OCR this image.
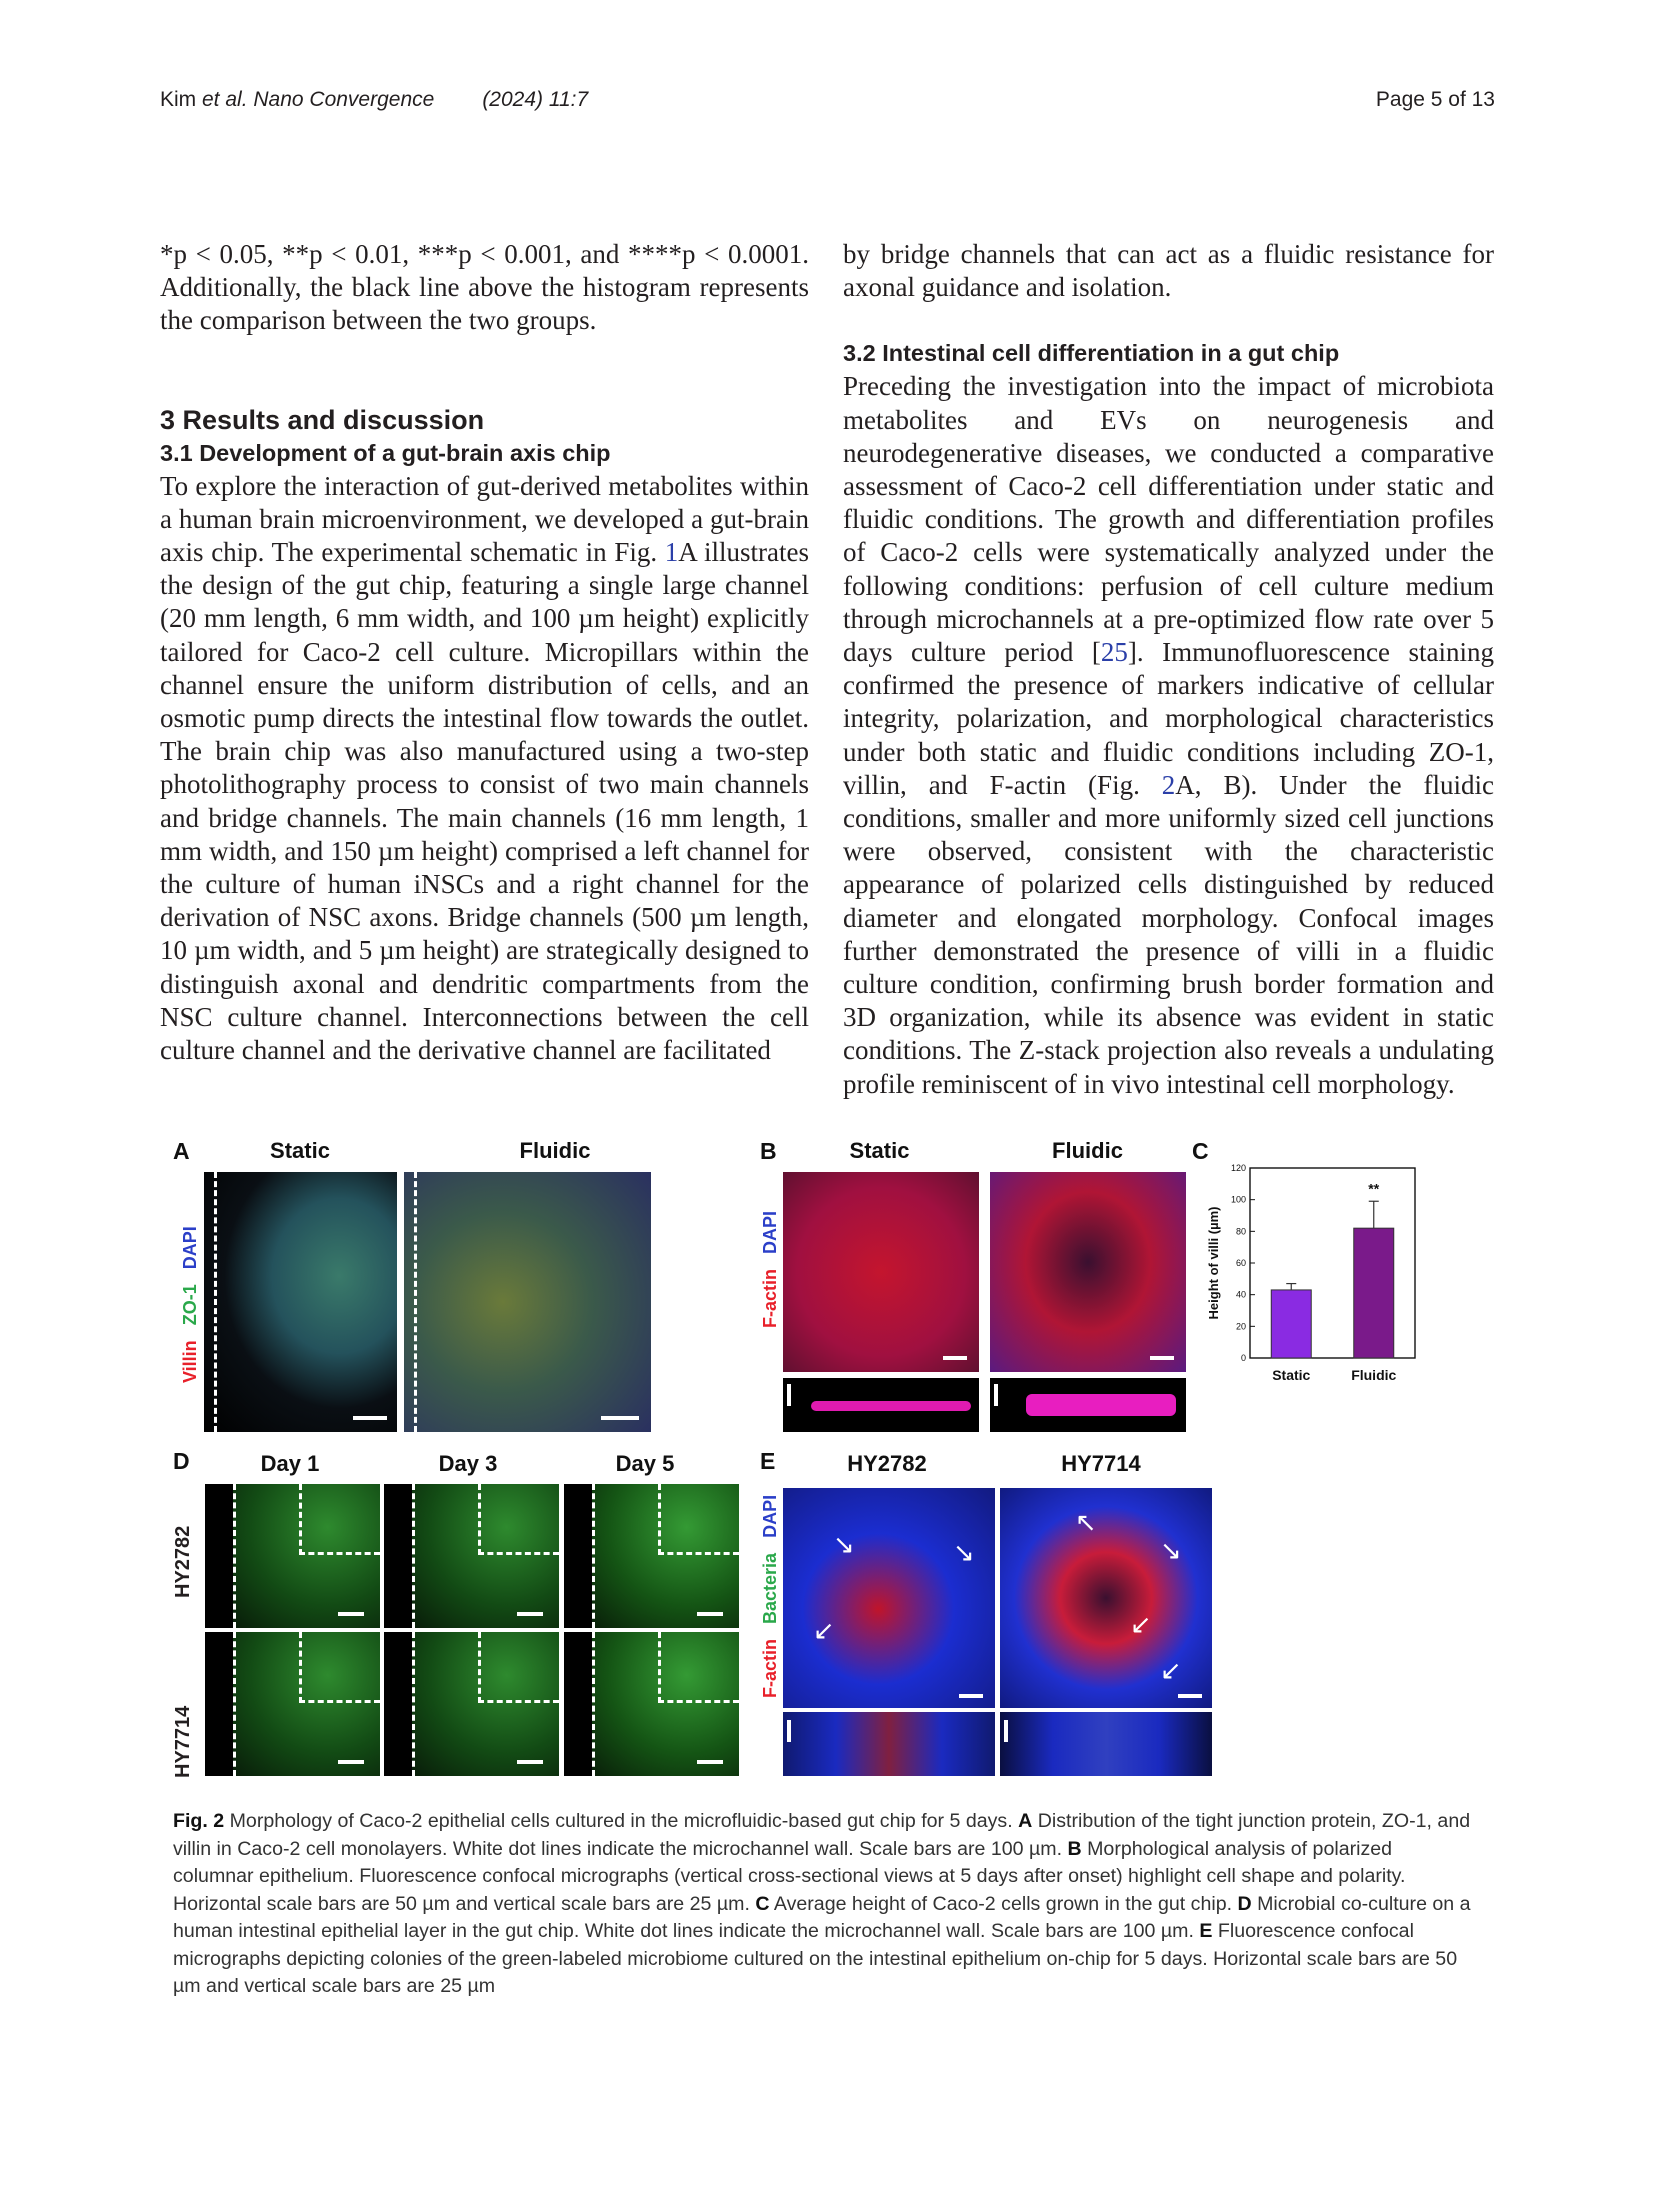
Kim et al. Nano Convergence (2024) 11:7	Page 5 of 13

*p < 0.05, **p < 0.01, ***p < 0.001, and ****p < 0.0001. Additionally, the black line above the histogram represents the comparison between the two groups.

3 Results and discussion
3.1 Development of a gut-brain axis chip

To explore the interaction of gut-derived metabolites within a human brain microenvironment, we developed a gut-brain axis chip. The experimental schematic in Fig. 1A illustrates the design of the gut chip, featuring a single large channel (20 mm length, 6 mm width, and 100 µm height) explicitly tailored for Caco-2 cell culture. Micropillars within the channel ensure the uniform distribution of cells, and an osmotic pump directs the intestinal flow towards the outlet. The brain chip was also manufactured using a two-step photolithography process to consist of two main channels and bridge channels. The main channels (16 mm length, 1 mm width, and 150 µm height) comprised a left channel for the culture of human iNSCs and a right channel for the derivation of NSC axons. Bridge channels (500 µm length, 10 µm width, and 5 µm height) are strategically designed to distinguish axonal and dendritic compartments from the NSC culture channel. Interconnections between the cell culture channel and the derivative channel are facilitated

by bridge channels that can act as a fluidic resistance for axonal guidance and isolation.

3.2 Intestinal cell differentiation in a gut chip

Preceding the investigation into the impact of microbiota metabolites and EVs on neurogenesis and neurodegenerative diseases, we conducted a comparative assessment of Caco-2 cell differentiation under static and fluidic conditions. The growth and differentiation profiles of Caco-2 cells were systematically analyzed under the following conditions: perfusion of cell culture medium through microchannels at a pre-optimized flow rate over 5 days culture period [25]. Immunofluorescence staining confirmed the presence of markers indicative of cellular integrity, polarization, and morphological characteristics under both static and fluidic conditions including ZO-1, villin, and F-actin (Fig. 2A, B). Under the fluidic conditions, smaller and more uniformly sized cell junctions were observed, consistent with the characteristic appearance of polarized cells distinguished by reduced diameter and elongated morphology. Confocal images further demonstrated the presence of villi in a fluidic culture condition, confirming brush border formation and 3D organization, while its absence was evident in static conditions. The Z-stack projection also reveals a undulating profile reminiscent of in vivo intestinal cell morphology.

A	Static	Fluidic
Villin ZO-1 DAPI
B	Static	Fluidic
F-actin DAPI
C
0
20
40
60
80
100
120
Height of villi (µm)
Static	Fluidic
**
D	Day 1	Day 3	Day 5
HY2782
HY7714
E	HY2782	HY7714
F-actin Bacteria DAPI
↘	↘
↙
↖
↘
↙
↙
Fig. 2 Morphology of Caco-2 epithelial cells cultured in the microfluidic-based gut chip for 5 days. A Distribution of the tight junction protein, ZO-1, and villin in Caco-2 cell monolayers. White dot lines indicate the microchannel wall. Scale bars are 100 µm. B Morphological analysis of polarized columnar epithelium. Fluorescence confocal micrographs (vertical cross-sectional views at 5 days after onset) highlight cell shape and polarity. Horizontal scale bars are 50 µm and vertical scale bars are 25 µm. C Average height of Caco-2 cells grown in the gut chip. D Microbial co-culture on a human intestinal epithelial layer in the gut chip. White dot lines indicate the microchannel wall. Scale bars are 100 µm. E Fluorescence confocal micrographs depicting colonies of the green-labeled microbiome cultured on the intestinal epithelium on-chip for 5 days. Horizontal scale bars are 50 µm and vertical scale bars are 25 µm
